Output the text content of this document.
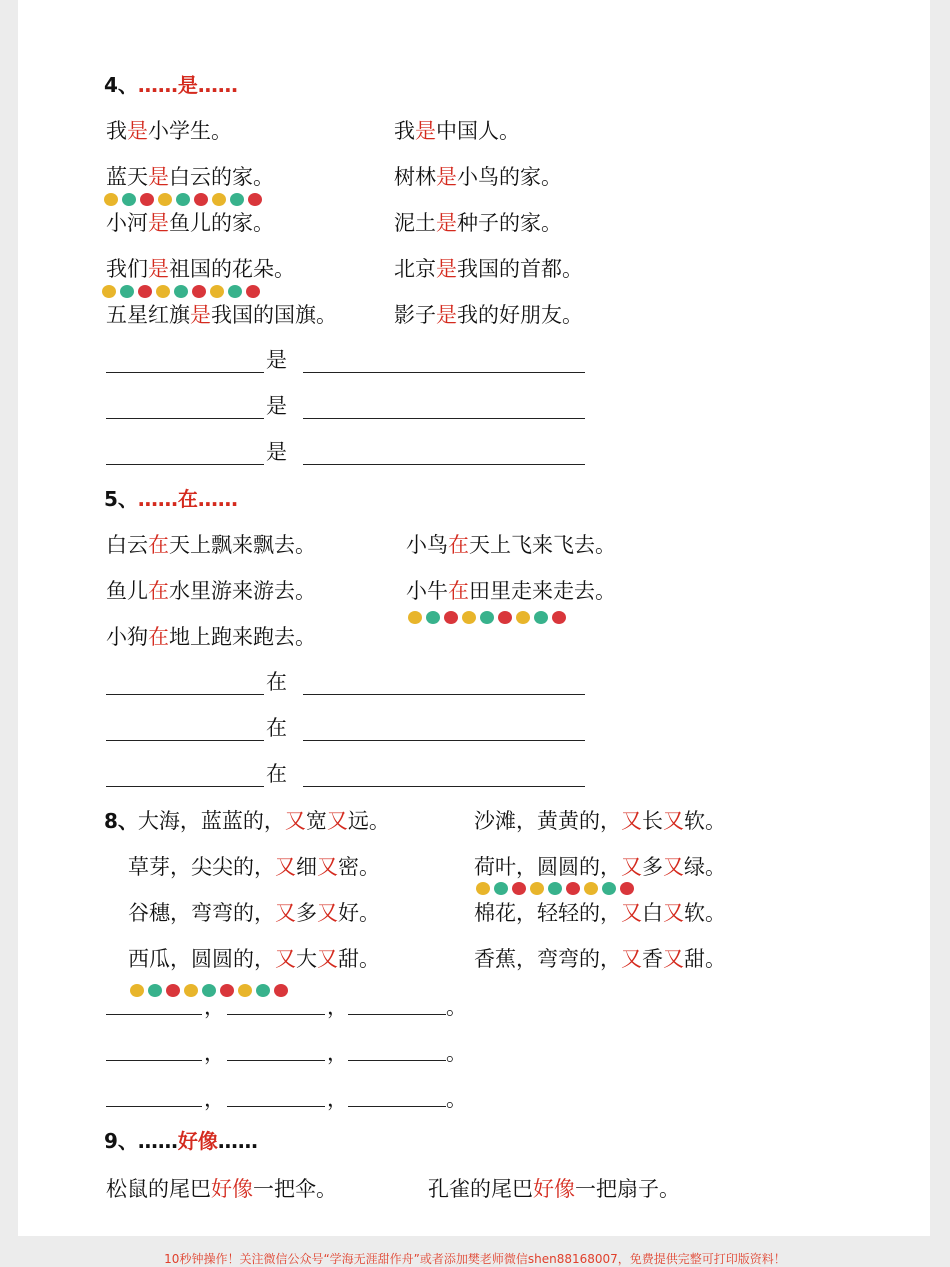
4、……是……
我是小学生。	我是中国人。
蓝天是白云的家。	树林是小鸟的家。
小河是鱼儿的家。	泥土是种子的家。
我们是祖国的花朵。	北京是我国的首都。
五星红旗是我国的国旗。	影子是我的好朋友。
是
是
是
5、……在……
白云在天上飘来飘去。	小鸟在天上飞来飞去。
鱼儿在水里游来游去。	小牛在田里走来走去。
小狗在地上跑来跑去。
在
在
在
8、大海，蓝蓝的，又宽又远。	沙滩，黄黄的，又长又软。
草芽，尖尖的，又细又密。	荷叶，圆圆的，又多又绿。
谷穗，弯弯的，又多又好。	棉花，轻轻的，又白又软。
西瓜，圆圆的，又大又甜。	香蕉，弯弯的，又香又甜。
，	，	。
，	，	。
，	，	。
9、……好像……
松鼠的尾巴好像一把伞。	孔雀的尾巴好像一把扇子。
10秒钟操作！关注微信公众号“学海无涯甜作舟”或者添加樊老师微信shen88168007，免费提供完整可打印版资料！
